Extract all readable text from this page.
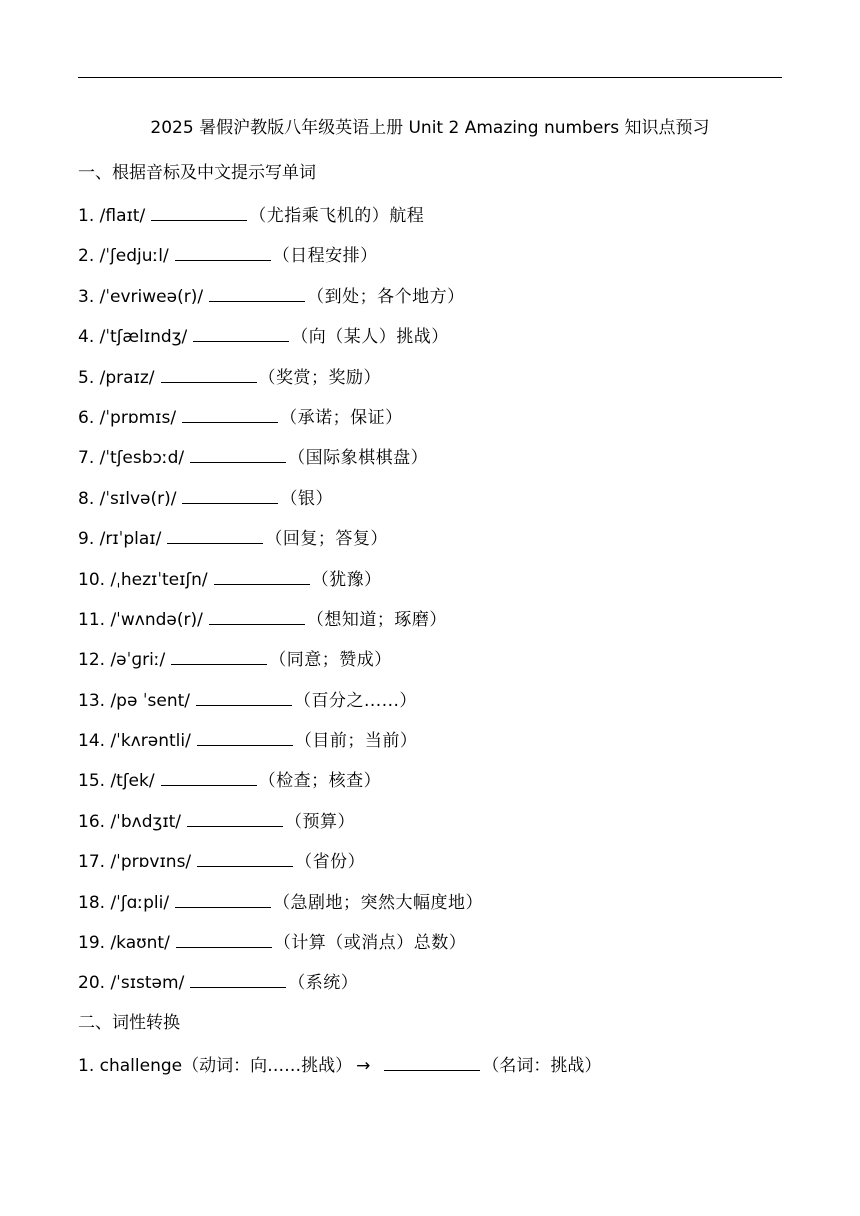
2025 暑假沪教版八年级英语上册 Unit 2 Amazing numbers 知识点预习
一、根据音标及中文提示写单词
1. /flaɪt/	（尤指乘飞机的）航程
2. /ˈʃedjuːl/	（日程安排）
3. /ˈevriweə(r)/	（到处；各个地方）
4. /ˈtʃælɪndʒ/	（向（某人）挑战）
5. /praɪz/	（奖赏；奖励）
6. /ˈprɒmɪs/	（承诺；保证）
7. /ˈtʃesbɔːd/	（国际象棋棋盘）
8. /ˈsɪlvə(r)/	（银）
9. /rɪˈplaɪ/	（回复；答复）
10. /ˌhezɪˈteɪʃn/	（犹豫）
11. /ˈwʌndə(r)/	（想知道；琢磨）
12. /əˈɡriː/	（同意；赞成）
13. /pə ˈsent/	（百分之......）
14. /ˈkʌrəntli/	（目前；当前）
15. /tʃek/	（检查；核查）
16. /ˈbʌdʒɪt/	（预算）
17. /ˈprɒvɪns/	（省份）
18. /ˈʃɑːpli/	（急剧地；突然大幅度地）
19. /kaʊnt/	（计算（或消点）总数）
20. /ˈsɪstəm/	（系统）
二、词性转换
1. challenge（动词：向……挑战） →	（名词：挑战）
